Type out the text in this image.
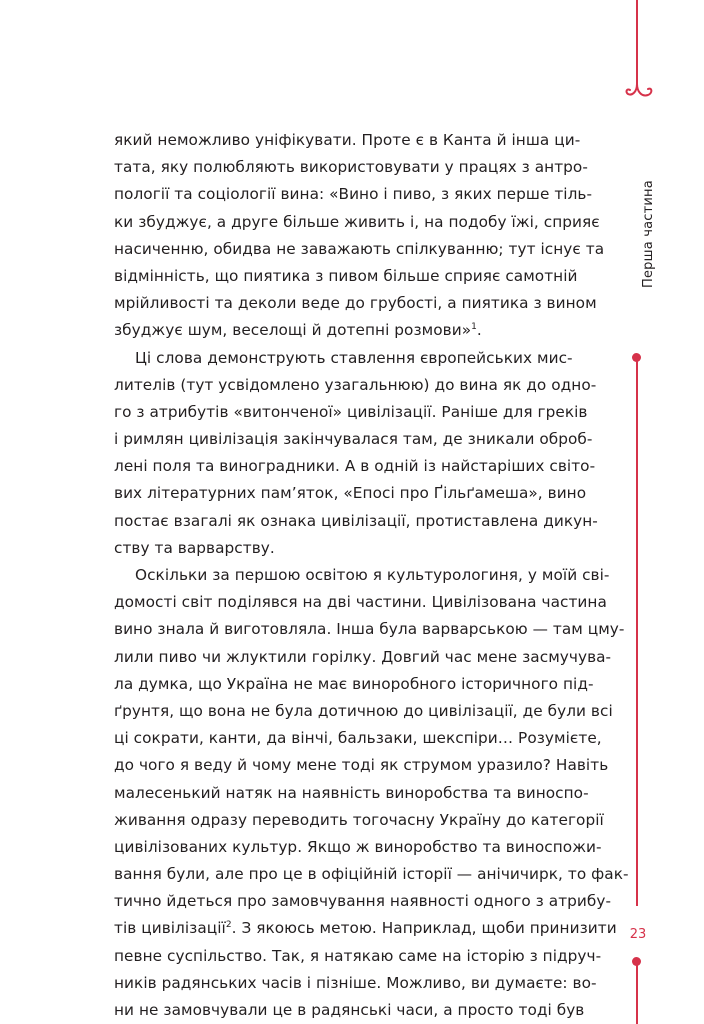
Перша частина
23
який неможливо уніфікувати. Проте є в Канта й інша ци-
тата, яку полюбляють використовувати у працях з антро-
пології та соціології вина: «Вино і пиво, з яких перше тіль-
ки збуджує, а друге більше живить і, на подобу їжі, сприяє
насиченню, обидва не заважають спілкуванню; тут існує та
відмінність, що пиятика з пивом більше сприяє самотній
мрійливості та деколи веде до грубості, а пиятика з вином
збуджує шум, веселощі й дотепні розмови»$^1$.
Ці слова демонструють ставлення європейських мис-
лителів (тут усвідомлено узагальнюю) до вина як до одно-
го з атрибутів «витонченої» цивілізації. Раніше для греків
і римлян цивілізація закінчувалася там, де зникали оброб-
лені поля та виноградники. А в одній із найстаріших світо-
вих літературних пам’яток, «Епосі про Ґільґамеша», вино
постає взагалі як ознака цивілізації, протиставлена дикун-
ству та варварству.
Оскільки за першою освітою я культурологиня, у моїй сві-
домості світ поділявся на дві частини. Цивілізована частина
вино знала й виготовляла. Інша була варварською — там цму-
лили пиво чи жлуктили горілку. Довгий час мене засмучува-
ла думка, що Україна не має виноробного історичного під-
ґрунтя, що вона не була дотичною до цивілізації, де були всі
ці сократи, канти, да вінчі, бальзаки, шекспіри… Розумієте,
до чого я веду й чому мене тоді як струмом уразило? Навіть
малесенький натяк на наявність виноробства та виноспо-
живання одразу переводить тогочасну Україну до категорії
цивілізованих культур. Якщо ж виноробство та виноспожи-
вання були, але про це в офіційній історії — анічичирк, то фак-
тично йдеться про замовчування наявності одного з атрибу-
тів цивілізації$^2$. З якоюсь метою. Наприклад, щоби принизити
певне суспільство. Так, я натякаю саме на історію з підруч-
ників радянських часів і пізніше. Можливо, ви думаєте: во-
ни не замовчували це в радянські часи, а просто тоді був
